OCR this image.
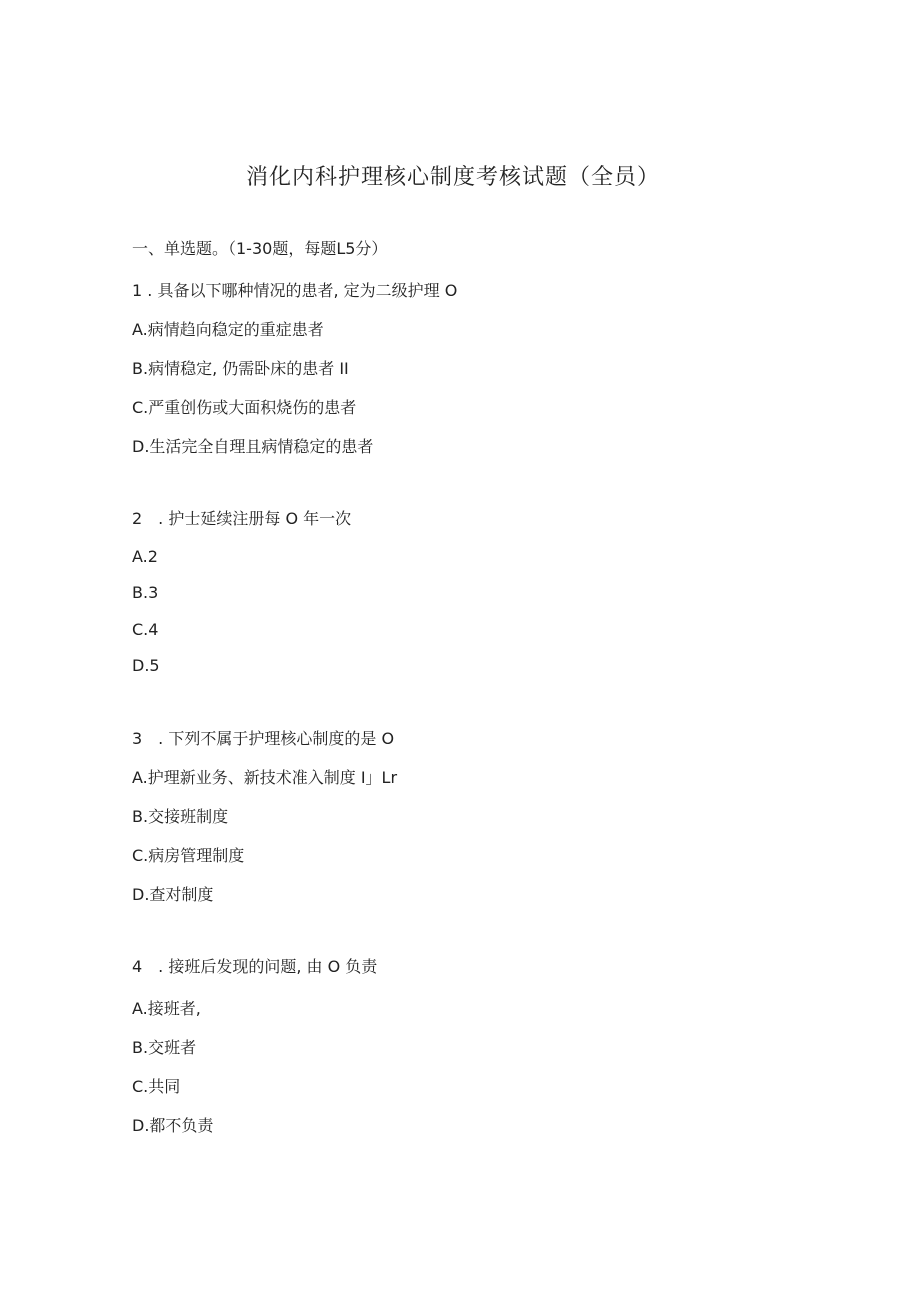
消化内科护理核心制度考核试题（全员）
一、单选题。（1-30题，每题L5分）
1 . 具备以下哪种情况的患者, 定为二级护理 O
A.病情趋向稳定的重症患者
B.病情稳定, 仍需卧床的患者 II
C.严重创伤或大面积烧伤的患者
D.生活完全自理且病情稳定的患者
2　. 护士延续注册每 O 年一次
A.2
B.3
C.4
D.5
3　. 下列不属于护理核心制度的是 O
A.护理新业务、新技术准入制度 I」Lr
B.交接班制度
C.病房管理制度
D.查对制度
4　. 接班后发现的问题, 由 O 负责
A.接班者,
B.交班者
C.共同
D.都不负责
